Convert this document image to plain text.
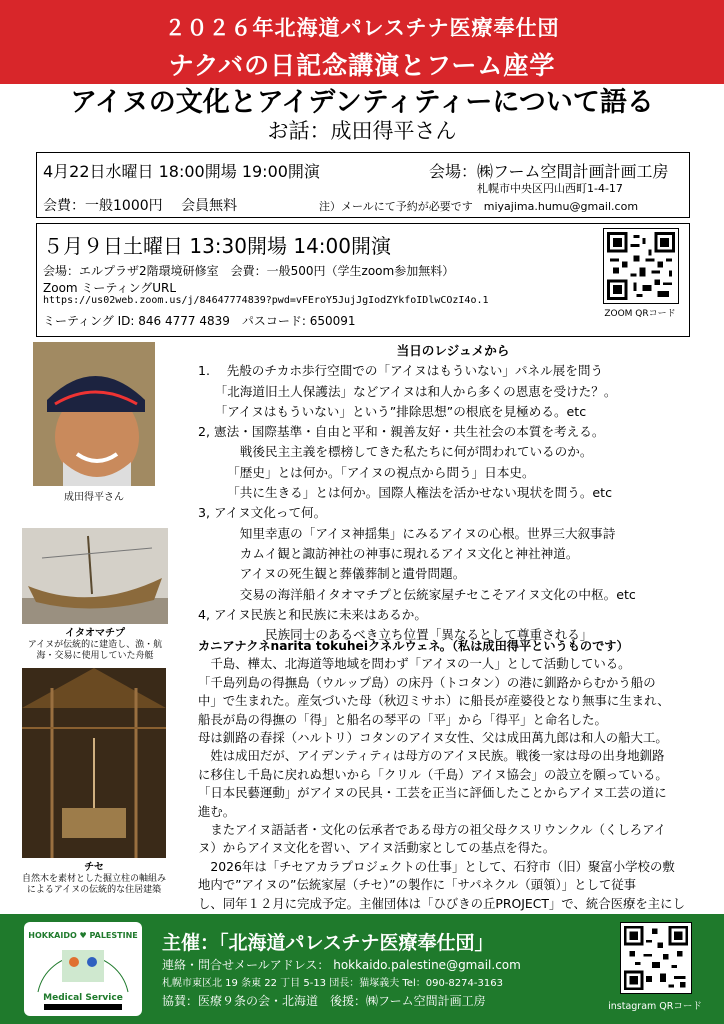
２０２６年北海道パレスチナ医療奉仕団
ナクバの日記念講演とフーム座学
アイヌの文化とアイデンティティーについて語る
お話：成田得平さん
4月22日水曜日 18:00開場 19:00開演	会場：㈱フーム空間計画計画工房
札幌市中央区円山西町1-4-17
会費：一般1000円　 会員無料	注）メールにて予約が必要です　miyajima.humu@gmail.com
５月９日土曜日 13:30開場 14:00開演
会場：エルプラザ2階環境研修室　会費：一般500円（学生zoom参加無料）
Zoom ミーティングURL
https://us02web.zoom.us/j/84647774839?pwd=vFEroY5JujJgIodZYkfoIDlwCOzI4o.1
ミーティング ID: 846 4777 4839　パスコード: 650091	ZOOM QRコード
成田得平さん
イタオマチプ
アイヌが伝統的に建造し、漁・航海・交易に使用していた舟艇
チセ
自然木を素材とした掘立柱の軸組みによるアイヌの伝統的な住居建築

当日のレジュメから

1.　 先般のチカホ歩行空間での「アイヌはもういない」パネル展を問う

　 「北海道旧土人保護法」などアイヌは和人から多くの恩恵を受けた？。

　 「アイヌはもういない」という”排除思想”の根底を見極める。etc

2, 憲法・国際基準・自由と平和・親善友好・共生社会の本質を考える。

　　　 戦後民主主義を標榜してきた私たちに何が問われているのか。

　　 「歴史」とは何か。「アイヌの視点から問う」日本史。

　　 「共に生きる」とは何か。国際人権法を活かせない現状を問う。etc

3, アイヌ文化って何。

　　　 知里幸恵の「アイヌ神揺集」にみるアイヌの心根。世界三大叙事詩

　　　 カムイ観と諏訪神社の神事に現れるアイヌ文化と神社神道。

　　　 アイヌの死生観と葬儀葬制と遺骨問題。

　　　 交易の海洋船イタオマチプと伝統家屋チセこそアイヌ文化の中枢。etc

4, アイヌ民族と和民族に未来はあるか。

　　　　　 民族同士のあるべき立ち位置「異なるとして尊重される」

カニアナクネnarita tokuheiクネルウェネ。（私は成田得平というものです）

　千島、樺太、北海道等地域を問わず「アイヌの一人」として活動している。

「千島列島の得撫島（ウルップ島）の床丹（トコタン）の港に釧路からむかう船の

中」で生まれた。産気づいた母（秋辺ミサホ）に船長が産婆役となり無事に生まれ、

船長が島の得撫の「得」と船名の琴平の「平」から「得平」と命名した。

母は釧路の春採（ハルトリ）コタンのアイヌ女性、父は成田萬九郎は和人の船大工。

　姓は成田だが、アイデンティティは母方のアイヌ民族。戦後一家は母の出身地釧路

に移住し千島に戻れぬ想いから「クリル（千島）アイヌ協会」の設立を願っている。

「日本民藝運動」がアイヌの民具・工芸を正当に評価したことからアイヌ工芸の道に

進む。

　またアイヌ語話者・文化の伝承者である母方の祖父母クスリウンクル（くしろアイ

ヌ）からアイヌ文化を習い、アイヌ活動家としての基点を得た。

　2026年は「チセアカラプロジェクトの仕事」として、石狩市（旧）聚富小学校の敷

地内で”アイヌの”伝統家屋（チセ）”の製作に「サパネクル（頭領）」として従事

し、同年１２月に完成予定。主催団体は「ひびきの丘PROJECT」で、統合医療を主にし

HOKKAIDO ♥ PALESTINE
Medical Service
主催：「北海道パレスチナ医療奉仕団」
連絡・問合せメールアドレス： hokkaido.palestine@gmail.com
札幌市東区北 19 条東 22 丁目 5-13 団長：猫塚義夫 Tel：090-8274-3163
協賛：医療９条の会・北海道　後援：㈱フーム空間計画工房	instagram QRコード
